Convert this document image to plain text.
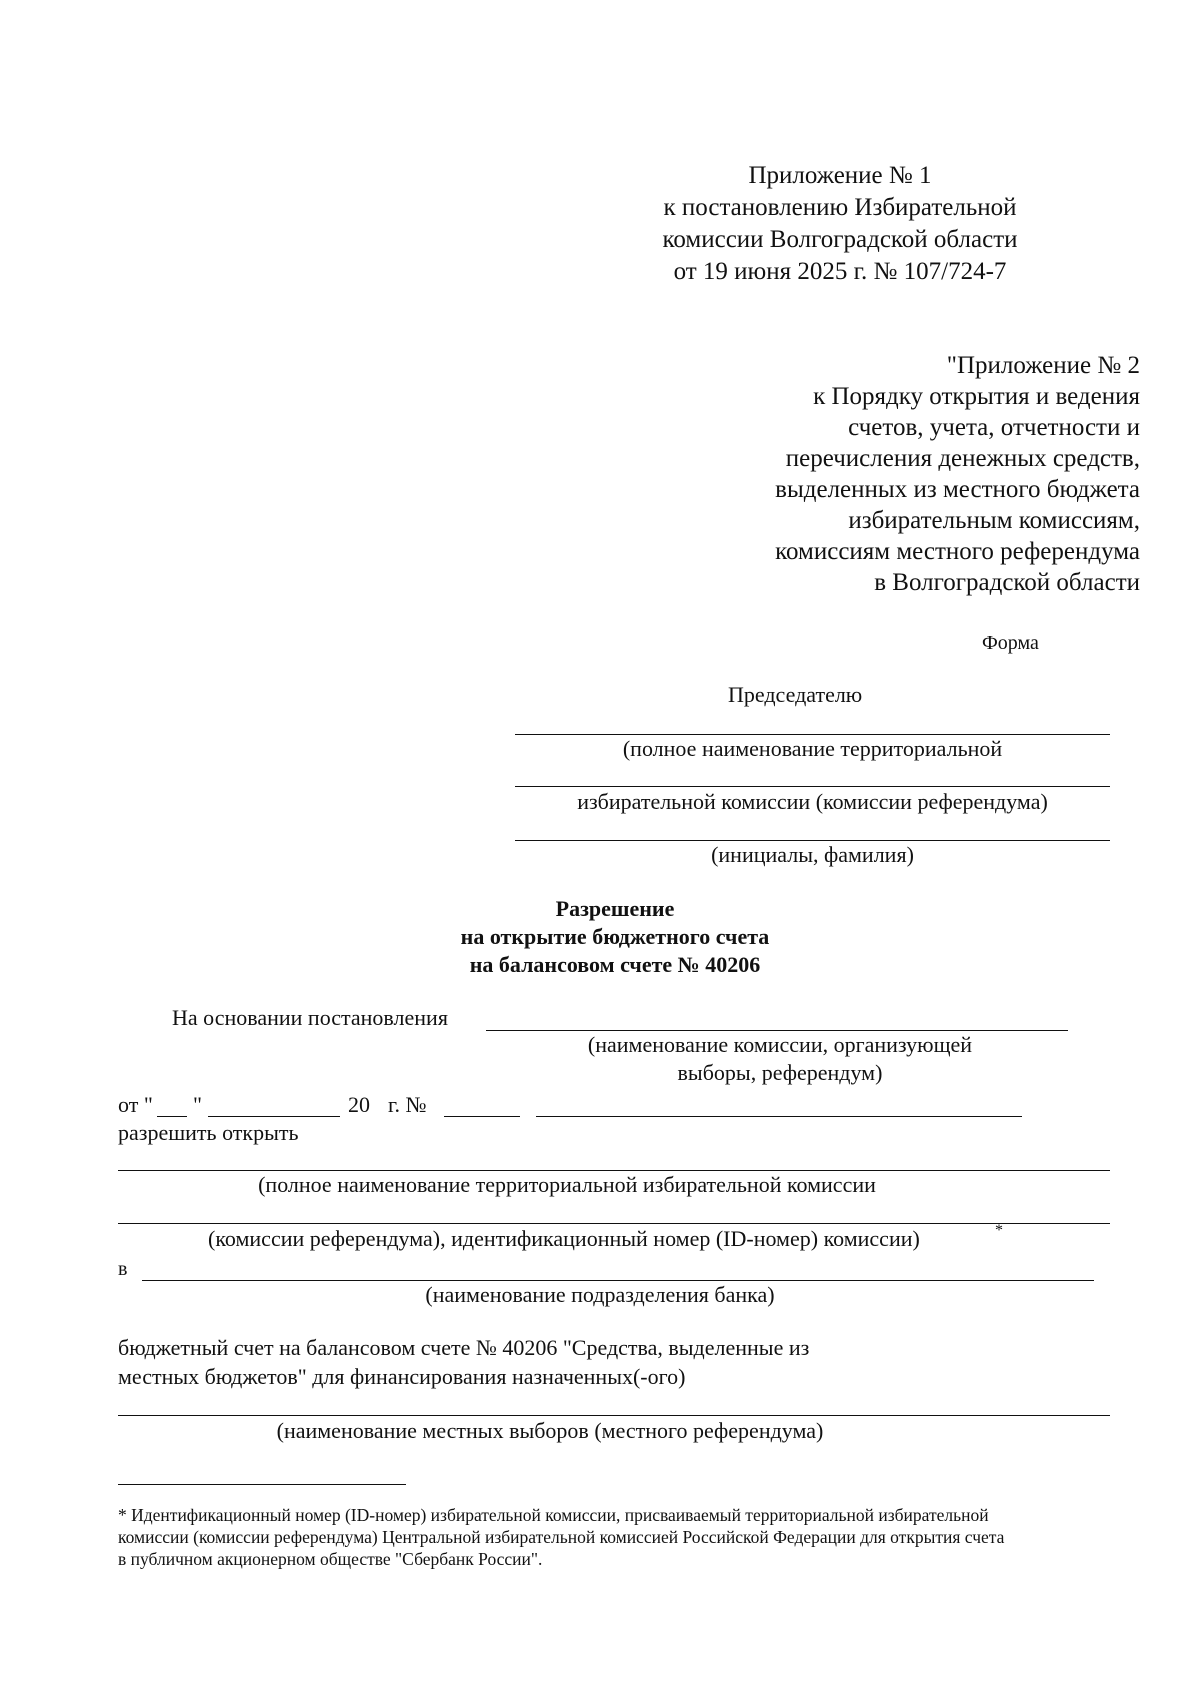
Приложение № 1
к постановлению Избирательной
комиссии Волгоградской области
от 19 июня 2025 г. № 107/724-7
"Приложение № 2
к Порядку открытия и ведения
счетов, учета, отчетности и
перечисления денежных средств,
выделенных из местного бюджета
избирательным комиссиям,
комиссиям местного референдума
в Волгоградской области
Форма
Председателю
(полное наименование территориальной
избирательной комиссии (комиссии референдума)
(инициалы, фамилия)
Разрешение
на открытие бюджетного счета
на балансовом счете № 40206
На основании постановления
(наименование комиссии, организующей
выборы, референдум)
от " "	20 г. №
разрешить открыть
(полное наименование территориальной избирательной комиссии
(комиссии референдума), идентификационный номер (ID-номер) комиссии)	*
в
(наименование подразделения банка)
бюджетный счет на балансовом счете № 40206 "Средства, выделенные из
местных бюджетов" для финансирования назначенных(-ого)
(наименование местных выборов (местного референдума)
* Идентификационный номер (ID-номер) избирательной комиссии, присваиваемый территориальной избирательной
комиссии (комиссии референдума) Центральной избирательной комиссией Российской Федерации для открытия счета
в публичном акционерном обществе "Сбербанк России".
